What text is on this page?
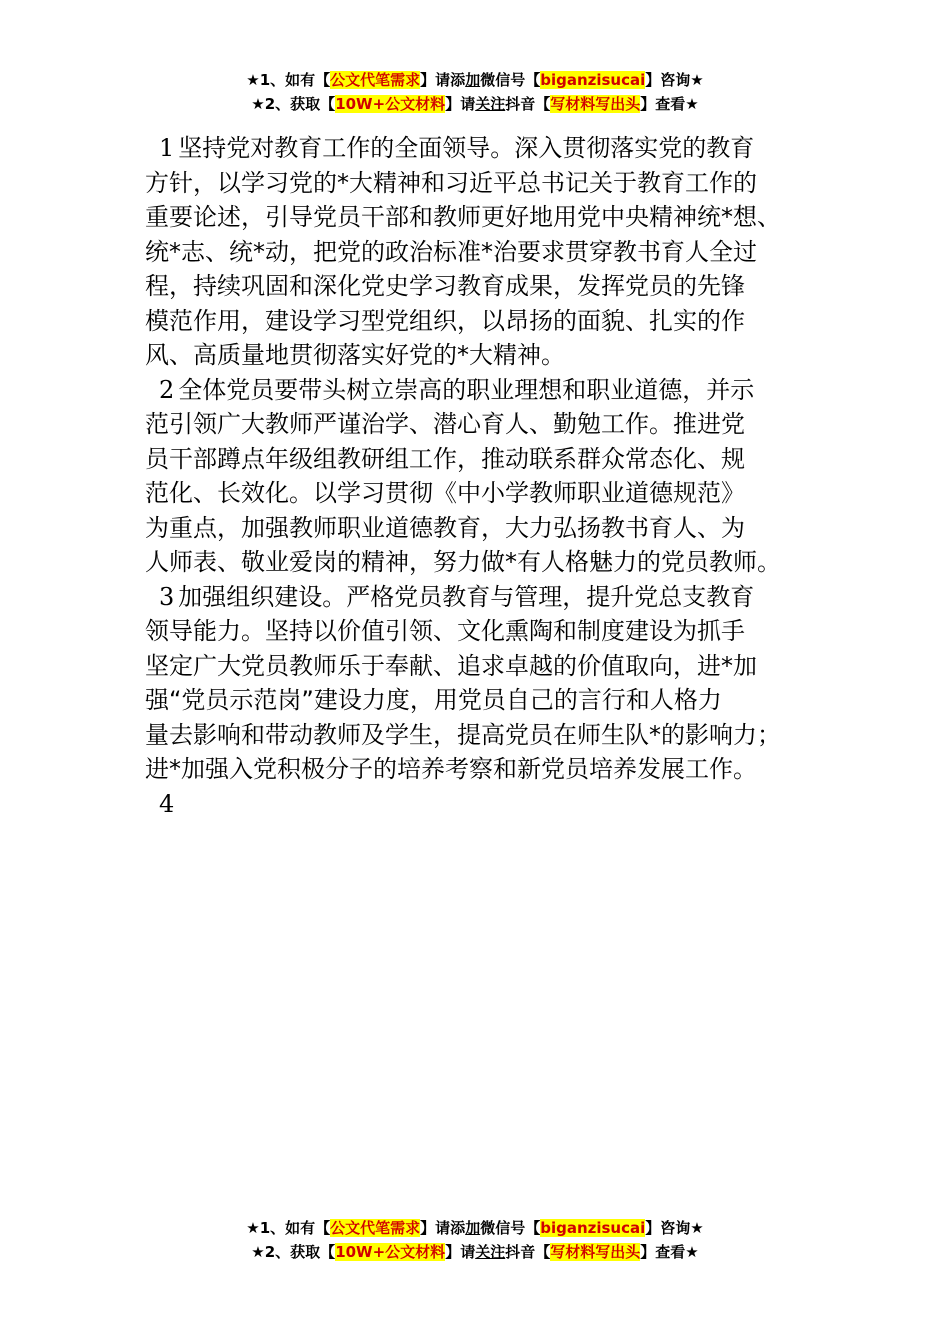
★1、如有【公文代笔需求】请添加微信号【biganzisucai】咨询★
★2、获取【10W+公文材料】请关注抖音【写材料写出头】查看★

1 坚持党对教育工作的全面领导。深入贯彻落实党的教育

方针，以学习党的*大精神和习近平总书记关于教育工作的

重要论述，引导党员干部和教师更好地用党中央精神统*想、

统*志、统*动，把党的政治标准*治要求贯穿教书育人全过

程，持续巩固和深化党史学习教育成果，发挥党员的先锋

模范作用，建设学习型党组织，以昂扬的面貌、扎实的作

风、高质量地贯彻落实好党的*大精神。

2 全体党员要带头树立崇高的职业理想和职业道德，并示

范引领广大教师严谨治学、潜心育人、勤勉工作。推进党

员干部蹲点年级组教研组工作，推动联系群众常态化、规

范化、长效化。以学习贯彻《中小学教师职业道德规范》

为重点，加强教师职业道德教育，大力弘扬教书育人、为

人师表、敬业爱岗的精神，努力做*有人格魅力的党员教师。

3 加强组织建设。严格党员教育与管理，提升党总支教育

领导能力。坚持以价值引领、文化熏陶和制度建设为抓手

坚定广大党员教师乐于奉献、追求卓越的价值取向，进*加

强“党员示范岗”建设力度，用党员自己的言行和人格力

量去影响和带动教师及学生，提高党员在师生队*的影响力；

进*加强入党积极分子的培养考察和新党员培养发展工作。

4

★1、如有【公文代笔需求】请添加微信号【biganzisucai】咨询★
★2、获取【10W+公文材料】请关注抖音【写材料写出头】查看★
